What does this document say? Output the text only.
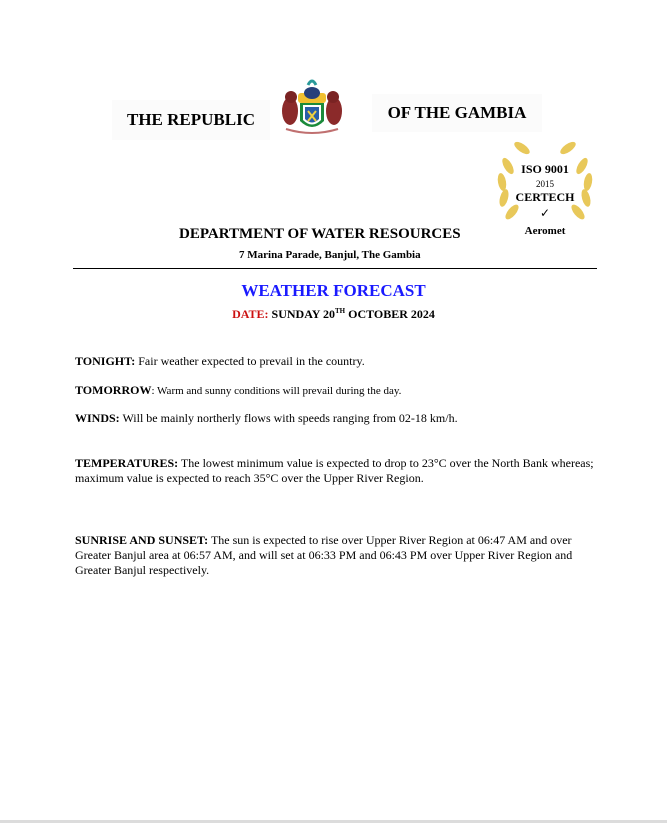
THE REPUBLIC	OF THE GAMBIA
ISO 9001
2015
CERTECH
✓
Aeromet
DEPARTMENT OF WATER RESOURCES
7 Marina Parade, Banjul, The Gambia
WEATHER FORECAST
DATE: SUNDAY 20TH OCTOBER 2024
TONIGHT: Fair weather expected to prevail in the country.
TOMORROW: Warm and sunny conditions will prevail during the day.
WINDS: Will be mainly northerly flows with speeds ranging from 02-18 km/h.
TEMPERATURES: The lowest minimum value is expected to drop to 23°C over the North Bank whereas; maximum value is expected to reach 35°C over the Upper River Region.
SUNRISE AND SUNSET: The sun is expected to rise over Upper River Region at 06:47 AM and over Greater Banjul area at 06:57 AM, and will set at 06:33 PM and 06:43 PM over Upper River Region and Greater Banjul respectively.
